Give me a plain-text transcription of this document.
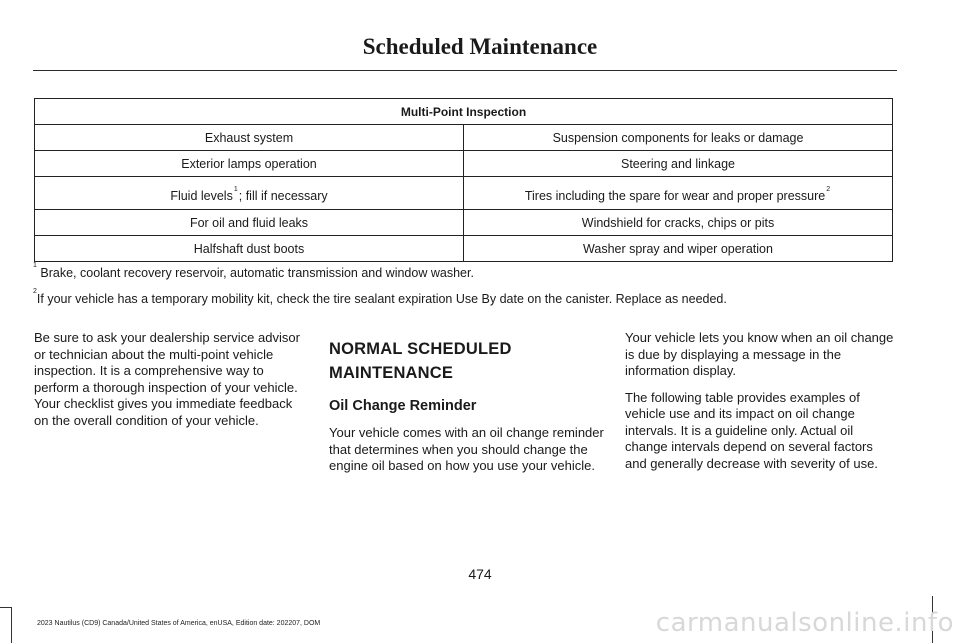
Scheduled Maintenance
Multi-Point Inspection	
Exhaust system	Suspension components for leaks or damage
Exterior lamps operation	Steering and linkage
Fluid levels$^1$; fill if necessary	Tires including the spare for wear and proper pressure$^2$
For oil and fluid leaks	Windshield for cracks, chips or pits
Halfshaft dust boots	Washer spray and wiper operation
$^1$ Brake, coolant recovery reservoir, automatic transmission and window washer.
$^2$If your vehicle has a temporary mobility kit, check the tire sealant expiration Use By date on the canister. Replace as needed.

Be sure to ask your dealership service advisor or technician about the multi-point vehicle inspection. It is a comprehensive way to perform a thorough inspection of your vehicle. Your checklist gives you immediate feedback on the overall condition of your vehicle.

NORMAL SCHEDULED
MAINTENANCE
Oil Change Reminder

Your vehicle comes with an oil change reminder that determines when you should change the engine oil based on how you use your vehicle.

Your vehicle lets you know when an oil change is due by displaying a message in the information display.

The following table provides examples of vehicle use and its impact on oil change intervals. It is a guideline only. Actual oil change intervals depend on several factors and generally decrease with severity of use.

474
2023 Nautilus (CD9) Canada/United States of America, enUSA, Edition date: 202207, DOM	carmanualsonline.info
